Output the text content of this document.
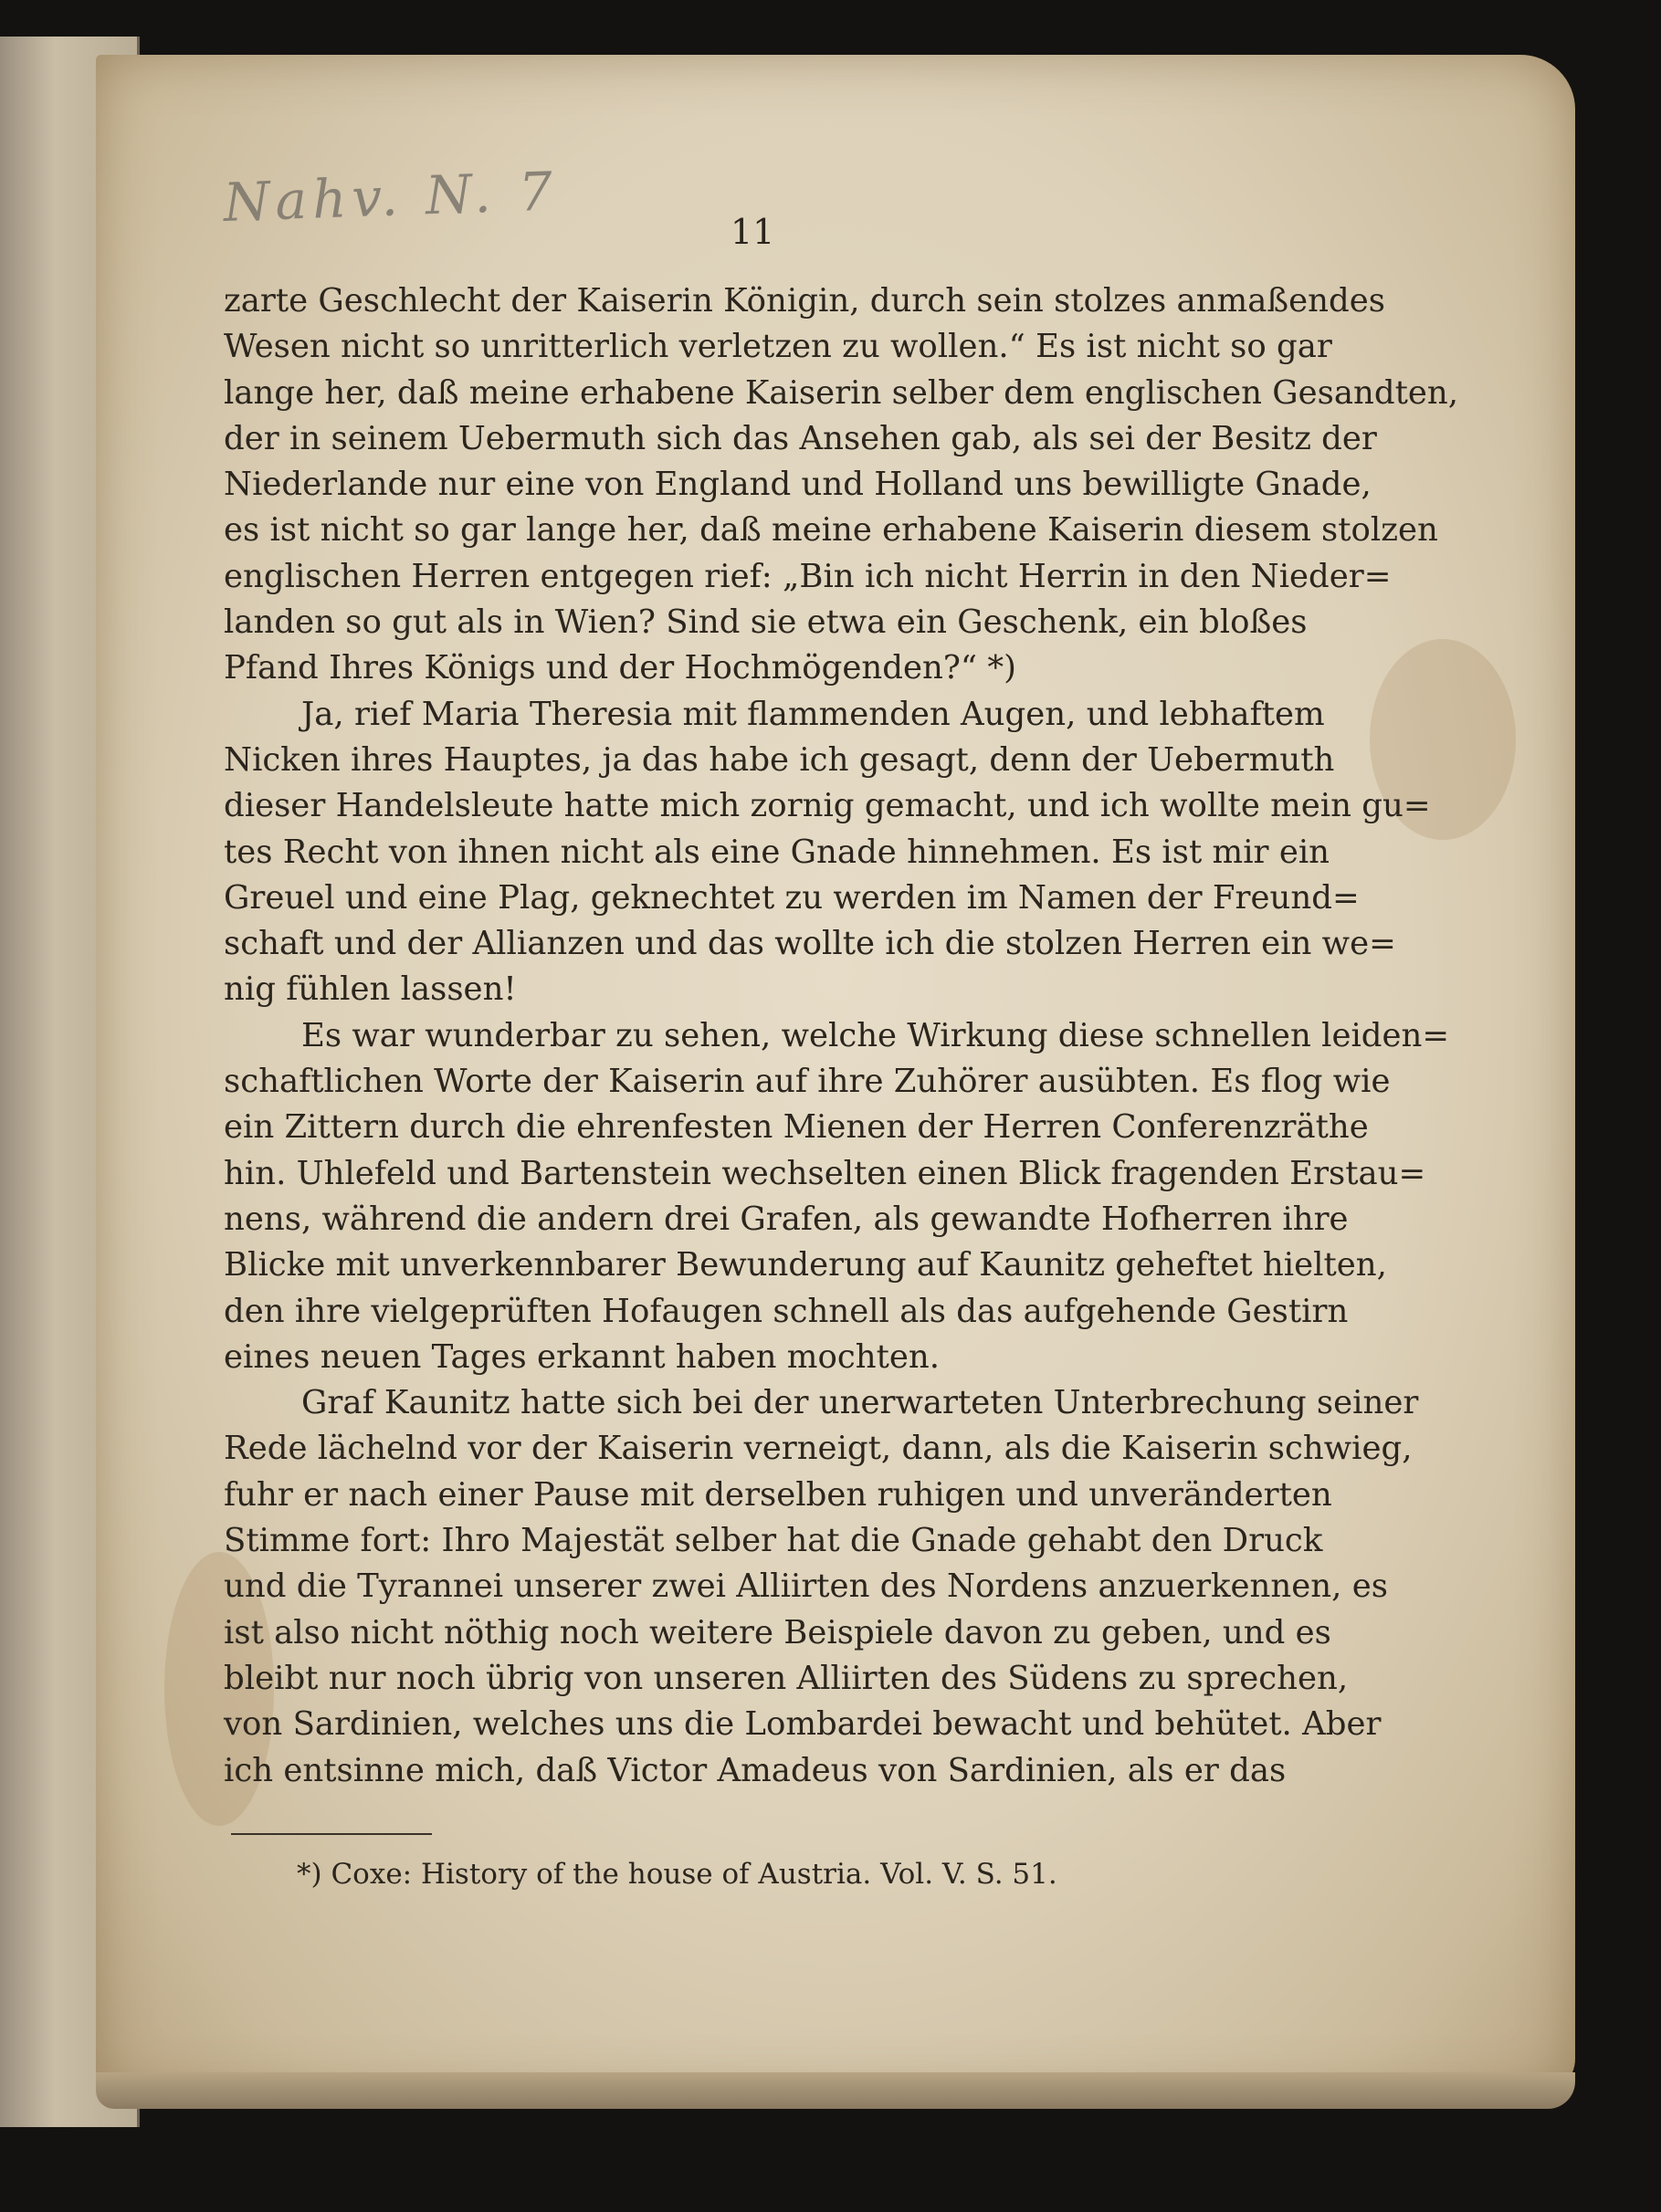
Nahv. N. 7	11
zarte Geschlecht der Kaiserin Königin, durch sein stolzes anmaßendes
Wesen nicht so unritterlich verletzen zu wollen.“ Es ist nicht so gar
lange her, daß meine erhabene Kaiserin selber dem englischen Gesandten,
der in seinem Uebermuth sich das Ansehen gab, als sei der Besitz der
Niederlande nur eine von England und Holland uns bewilligte Gnade,
es ist nicht so gar lange her, daß meine erhabene Kaiserin diesem stolzen
englischen Herren entgegen rief: „Bin ich nicht Herrin in den Nieder=
landen so gut als in Wien? Sind sie etwa ein Geschenk, ein bloßes
Pfand Ihres Königs und der Hochmögenden?“ *)
Ja, rief Maria Theresia mit flammenden Augen, und lebhaftem
Nicken ihres Hauptes, ja das habe ich gesagt, denn der Uebermuth
dieser Handelsleute hatte mich zornig gemacht, und ich wollte mein gu=
tes Recht von ihnen nicht als eine Gnade hinnehmen. Es ist mir ein
Greuel und eine Plag, geknechtet zu werden im Namen der Freund=
schaft und der Allianzen und das wollte ich die stolzen Herren ein we=
nig fühlen lassen!
Es war wunderbar zu sehen, welche Wirkung diese schnellen leiden=
schaftlichen Worte der Kaiserin auf ihre Zuhörer ausübten. Es flog wie
ein Zittern durch die ehrenfesten Mienen der Herren Conferenzräthe
hin. Uhlefeld und Bartenstein wechselten einen Blick fragenden Erstau=
nens, während die andern drei Grafen, als gewandte Hofherren ihre
Blicke mit unverkennbarer Bewunderung auf Kaunitz geheftet hielten,
den ihre vielgeprüften Hofaugen schnell als das aufgehende Gestirn
eines neuen Tages erkannt haben mochten.
Graf Kaunitz hatte sich bei der unerwarteten Unterbrechung seiner
Rede lächelnd vor der Kaiserin verneigt, dann, als die Kaiserin schwieg,
fuhr er nach einer Pause mit derselben ruhigen und unveränderten
Stimme fort: Ihro Majestät selber hat die Gnade gehabt den Druck
und die Tyrannei unserer zwei Alliirten des Nordens anzuerkennen, es
ist also nicht nöthig noch weitere Beispiele davon zu geben, und es
bleibt nur noch übrig von unseren Alliirten des Südens zu sprechen,
von Sardinien, welches uns die Lombardei bewacht und behütet. Aber
ich entsinne mich, daß Victor Amadeus von Sardinien, als er das
*) Coxe: History of the house of Austria. Vol. V. S. 51.
